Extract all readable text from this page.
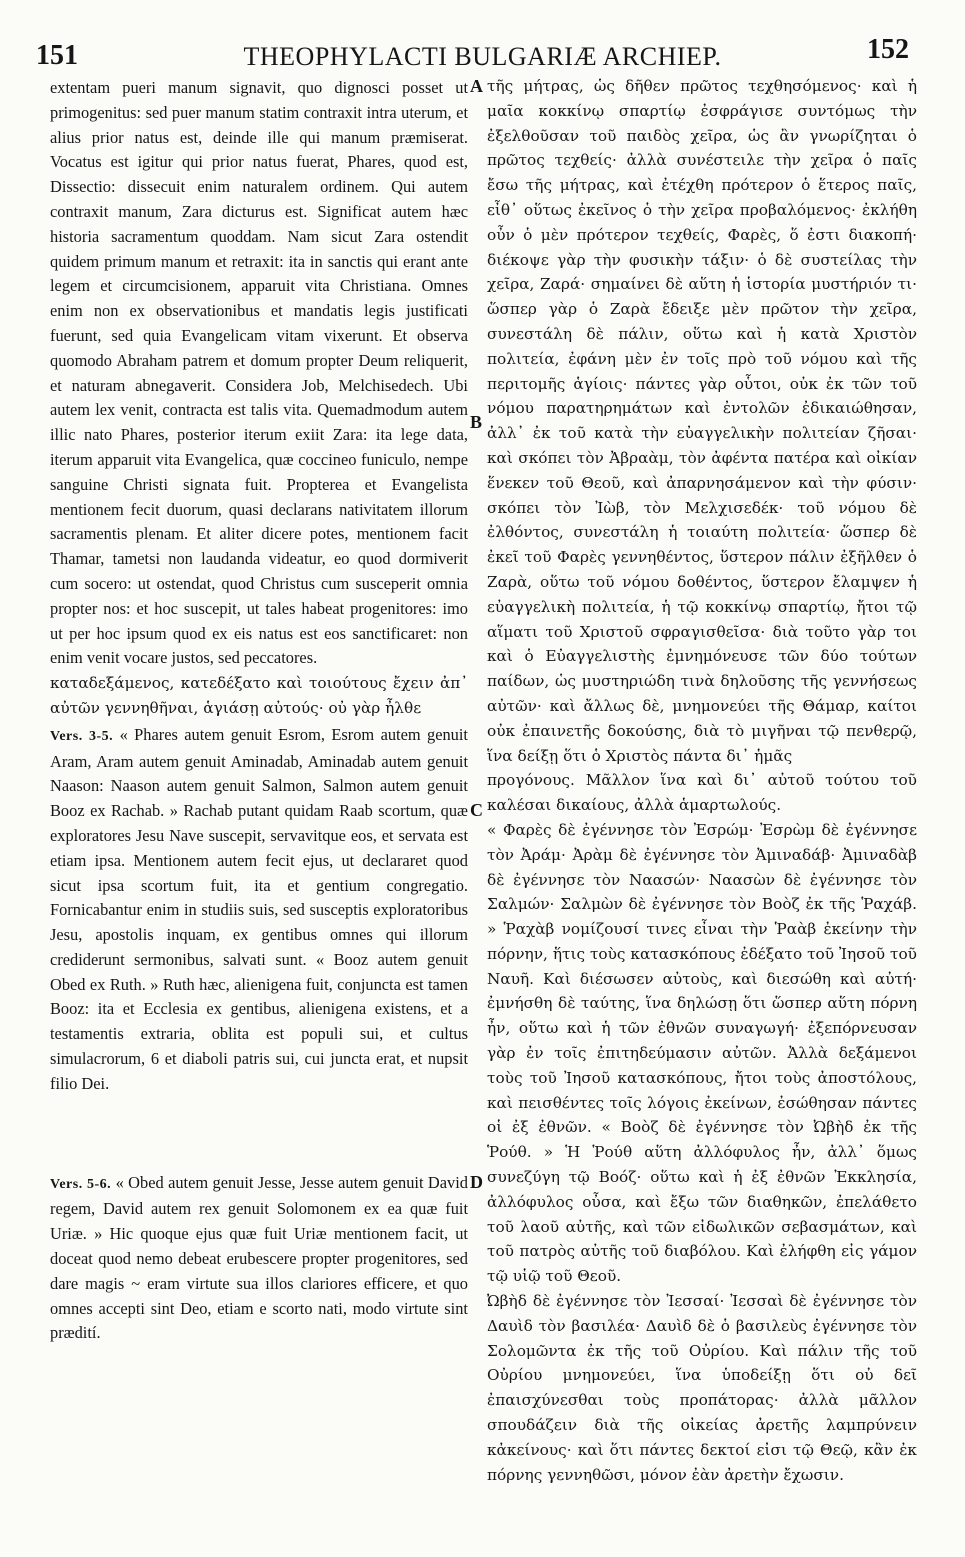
151	THEOPHYLACTI BULGARIÆ ARCHIEP.	152
A
B
C
D

extentam pueri manum signavit, quo dignosci posset ut primogenitus: sed puer manum statim contraxit intra uterum, et alius prior natus est, deinde ille qui manum præmiserat. Vocatus est igitur qui prior natus fuerat, Phares, quod est, Dissectio: dissecuit enim naturalem ordinem. Qui autem contraxit manum, Zara dicturus est. Significat autem hæc historia sacramentum quoddam. Nam sicut Zara ostendit quidem primum manum et retraxit: ita in sanctis qui erant ante legem et circumcisionem, apparuit vita Christiana. Omnes enim non ex observationibus et mandatis legis justificati fuerunt, sed quia Evangelicam vitam vixerunt. Et observa quomodo Abraham patrem et domum propter Deum reliquerit, et naturam abnegaverit. Considera Job, Melchisedech. Ubi autem lex venit, contracta est talis vita. Quemadmodum autem illic nato Phares, posterior iterum exiit Zara: ita lege data, iterum apparuit vita Evangelica, quæ coccineo funiculo, nempe sanguine Christi signata fuit. Propterea et Evangelista mentionem fecit duorum, quasi declarans nativitatem illorum sacramentis plenam. Et aliter dicere potes, mentionem facit Thamar, tametsi non laudanda videatur, eo quod dormiverit cum socero: ut ostendat, quod Christus cum susceperit omnia propter nos: et hoc suscepit, ut tales habeat progenitores: imo ut per hoc ipsum quod ex eis natus est eos sanctificaret: non enim venit vocare justos, sed peccatores.

καταδεξάμενος, κατεδέξατο καὶ τοιούτους ἔχειν ἀπ᾽ αὐτῶν γεννηθῆναι, ἁγιάσῃ αὐτούς· οὐ γὰρ ἦλθε

Vers. 3-5. « Phares autem genuit Esrom, Esrom autem genuit Aram, Aram autem genuit Aminadab, Aminadab autem genuit Naason: Naason autem genuit Salmon, Salmon autem genuit Booz ex Rachab. » Rachab putant quidam Raab scortum, quæ exploratores Jesu Nave suscepit, servavitque eos, et servata est etiam ipsa. Mentionem autem fecit ejus, ut declararet quod sicut ipsa scortum fuit, ita et gentium congregatio. Fornicabantur enim in studiis suis, sed susceptis exploratoribus Jesu, apostolis inquam, ex gentibus omnes qui illorum crediderunt sermonibus, salvati sunt. « Booz autem genuit Obed ex Ruth. » Ruth hæc, alienigena fuit, conjuncta est tamen Booz: ita et Ecclesia ex gentibus, alienigena existens, et a testamentis extraria, oblita est populi sui, et cultus simulacrorum, 6 et diaboli patris sui, cui juncta erat, et nupsit filio Dei.

Vers. 5-6. « Obed autem genuit Jesse, Jesse autem genuit David regem, David autem rex genuit Solomonem ex ea quæ fuit Uriæ. » Hic quoque ejus quæ fuit Uriæ mentionem facit, ut doceat quod nemo debeat erubescere propter progenitores, sed dare magis ~ eram virtute sua illos clariores efficere, et quo omnes accepti sint Deo, etiam e scorto nati, modo virtute sint prædití.

τῆς μήτρας, ὡς δῆθεν πρῶτος τεχθησόμενος· καὶ ἡ μαῖα κοκκίνῳ σπαρτίῳ ἐσφράγισε συντόμως τὴν ἐξελθοῦσαν τοῦ παιδὸς χεῖρα, ὡς ἂν γνωρίζηται ὁ πρῶτος τεχθείς· ἀλλὰ συνέστειλε τὴν χεῖρα ὁ παῖς ἔσω τῆς μήτρας, καὶ ἐτέχθη πρότερον ὁ ἕτερος παῖς, εἶθ᾽ οὕτως ἐκεῖνος ὁ τὴν χεῖρα προβαλόμενος· ἐκλήθη οὖν ὁ μὲν πρότερον τεχθείς, Φαρὲς, ὅ ἐστι διακοπή· διέκοψε γὰρ τὴν φυσικὴν τάξιν· ὁ δὲ συστείλας τὴν χεῖρα, Ζαρά· σημαίνει δὲ αὕτη ἡ ἱστορία μυστήριόν τι· ὥσπερ γὰρ ὁ Ζαρὰ ἔδειξε μὲν πρῶτον τὴν χεῖρα, συνεστάλη δὲ πάλιν, οὕτω καὶ ἡ κατὰ Χριστὸν πολιτεία, ἐφάνη μὲν ἐν τοῖς πρὸ τοῦ νόμου καὶ τῆς περιτομῆς ἁγίοις· πάντες γὰρ οὗτοι, οὐκ ἐκ τῶν τοῦ νόμου παρατηρημάτων καὶ ἐντολῶν ἐδικαιώθησαν, ἀλλ᾽ ἐκ τοῦ κατὰ τὴν εὐαγγελικὴν πολιτείαν ζῆσαι· καὶ σκόπει τὸν Ἀβραὰμ, τὸν ἀφέντα πατέρα καὶ οἰκίαν ἕνεκεν τοῦ Θεοῦ, καὶ ἀπαρνησάμενον καὶ τὴν φύσιν· σκόπει τὸν Ἰὼβ, τὸν Μελχισεδέκ· τοῦ νόμου δὲ ἐλθόντος, συνεστάλη ἡ τοιαύτη πολιτεία· ὥσπερ δὲ ἐκεῖ τοῦ Φαρὲς γεννηθέντος, ὕστερον πάλιν ἐξῆλθεν ὁ Ζαρὰ, οὕτω τοῦ νόμου δοθέντος, ὕστερον ἔλαμψεν ἡ εὐαγγελικὴ πολιτεία, ἡ τῷ κοκκίνῳ σπαρτίῳ, ἤτοι τῷ αἵματι τοῦ Χριστοῦ σφραγισθεῖσα· διὰ τοῦτο γὰρ τοι καὶ ὁ Εὐαγγελιστὴς ἐμνημόνευσε τῶν δύο τούτων παίδων, ὡς μυστηριώδη τινὰ δηλοῦσης τῆς γεννήσεως αὐτῶν· καὶ ἄλλως δὲ, μνημονεύει τῆς Θάμαρ, καίτοι οὐκ ἐπαινετῆς δοκούσης, διὰ τὸ μιγῆναι τῷ πενθερῷ, ἵνα δείξῃ ὅτι ὁ Χριστὸς πάντα δι᾽ ἡμᾶς

προγόνους. Μᾶλλον ἵνα καὶ δι᾽ αὐτοῦ τούτου τοῦ καλέσαι δικαίους, ἀλλὰ ἁμαρτωλούς.

« Φαρὲς δὲ ἐγέννησε τὸν Ἐσρώμ· Ἐσρὼμ δὲ ἐγέννησε τὸν Ἀράμ· Ἀρὰμ δὲ ἐγέννησε τὸν Ἀμιναδάβ· Ἀμιναδὰβ δὲ ἐγέννησε τὸν Ναασών· Ναασὼν δὲ ἐγέννησε τὸν Σαλμών· Σαλμὼν δὲ ἐγέννησε τὸν Βοὸζ ἐκ τῆς Ῥαχάβ. » Ῥαχὰβ νομίζουσί τινες εἶναι τὴν Ῥαὰβ ἐκείνην τὴν πόρνην, ἥτις τοὺς κατασκόπους ἐδέξατο τοῦ Ἰησοῦ τοῦ Ναυῆ. Καὶ διέσωσεν αὐτοὺς, καὶ διεσώθη καὶ αὐτή· ἐμνήσθη δὲ ταύτης, ἵνα δηλώσῃ ὅτι ὥσπερ αὕτη πόρνη ἦν, οὕτω καὶ ἡ τῶν ἐθνῶν συναγωγή· ἐξεπόρνευσαν γὰρ ἐν τοῖς ἐπιτηδεύμασιν αὐτῶν. Ἀλλὰ δεξάμενοι τοὺς τοῦ Ἰησοῦ κατασκόπους, ἤτοι τοὺς ἀποστόλους, καὶ πεισθέντες τοῖς λόγοις ἐκείνων, ἐσώθησαν πάντες οἱ ἐξ ἐθνῶν. « Βοὸζ δὲ ἐγέννησε τὸν Ὠβὴδ ἐκ τῆς Ῥούθ. » Ἡ Ῥούθ αὕτη ἀλλόφυλος ἦν, ἀλλ᾽ ὅμως συνεζύγη τῷ Βοόζ· οὕτω καὶ ἡ ἐξ ἐθνῶν Ἐκκλησία, ἀλλόφυλος οὖσα, καὶ ἔξω τῶν διαθηκῶν, ἐπελάθετο τοῦ λαοῦ αὐτῆς, καὶ τῶν εἰδωλικῶν σεβασμάτων, καὶ τοῦ πατρὸς αὐτῆς τοῦ διαβόλου. Καὶ ἐλήφθη εἰς γάμον τῷ υἱῷ τοῦ Θεοῦ.

Ὠβὴδ δὲ ἐγέννησε τὸν Ἰεσσαί· Ἰεσσαὶ δὲ ἐγέννησε τὸν Δαυὶδ τὸν βασιλέα· Δαυὶδ δὲ ὁ βασιλεὺς ἐγέννησε τὸν Σολομῶντα ἐκ τῆς τοῦ Οὐρίου. Καὶ πάλιν τῆς τοῦ Οὐρίου μνημονεύει, ἵνα ὑποδείξῃ ὅτι οὐ δεῖ ἐπαισχύνεσθαι τοὺς προπάτορας· ἀλλὰ μᾶλλον σπουδάζειν διὰ τῆς οἰκείας ἀρετῆς λαμπρύνειν κἀκείνους· καὶ ὅτι πάντες δεκτοί εἰσι τῷ Θεῷ, κἂν ἐκ πόρνης γεννηθῶσι, μόνον ἐὰν ἀρετὴν ἔχωσιν.
